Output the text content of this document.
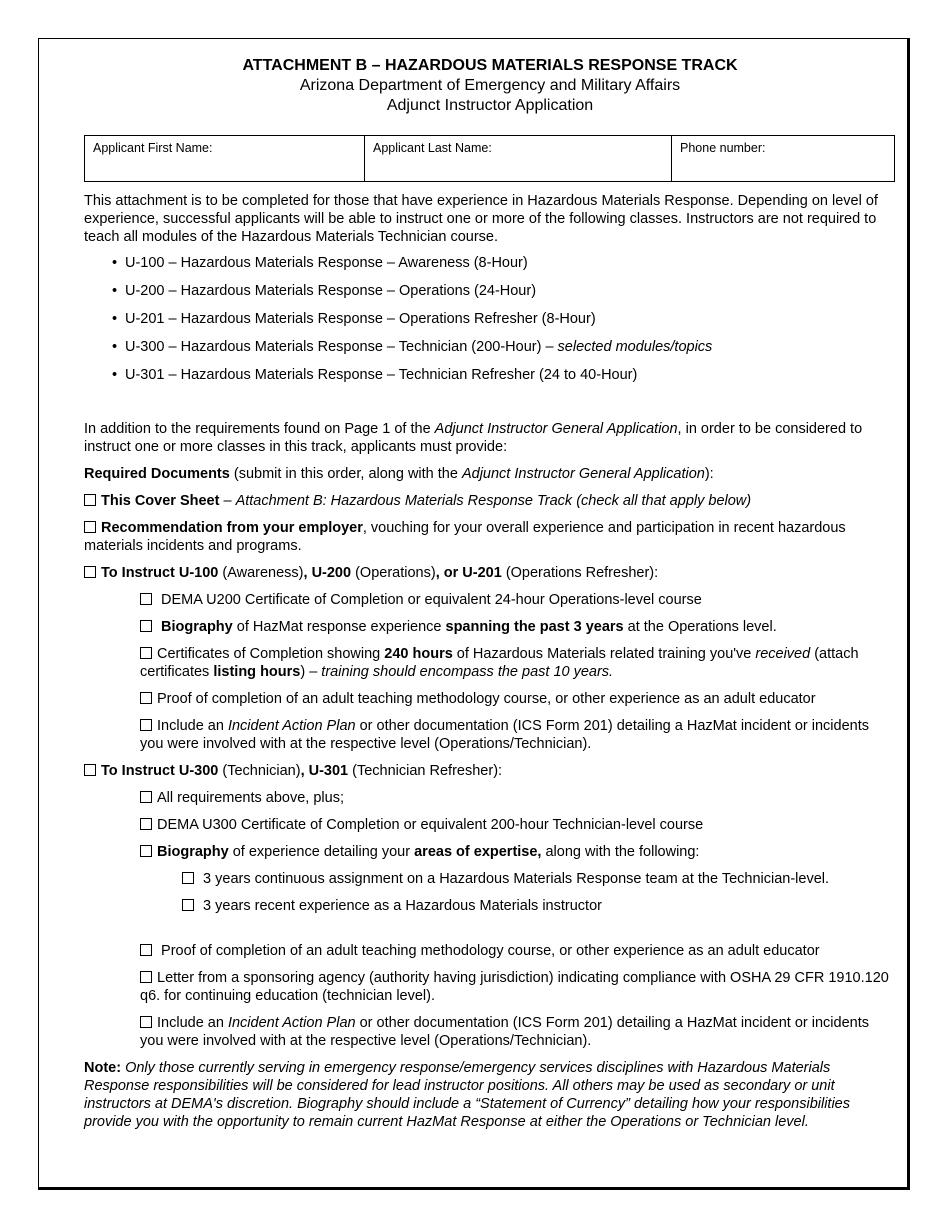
ATTACHMENT B – HAZARDOUS MATERIALS RESPONSE TRACK
Arizona Department of Emergency and Military Affairs
Adjunct Instructor Application
Applicant First Name:	Applicant Last Name:	Phone number:

This attachment is to be completed for those that have experience in Hazardous Materials Response. Depending on level of experience, successful applicants will be able to instruct one or more of the following classes. Instructors are not required to teach all modules of the Hazardous Materials Technician course.

• U-100 – Hazardous Materials Response – Awareness (8-Hour)
• U-200 – Hazardous Materials Response – Operations (24-Hour)
• U-201 – Hazardous Materials Response – Operations Refresher (8-Hour)
• U-300 – Hazardous Materials Response – Technician (200-Hour) – selected modules/topics
• U-301 – Hazardous Materials Response – Technician Refresher (24 to 40-Hour)

In addition to the requirements found on Page 1 of the Adjunct Instructor General Application, in order to be considered to instruct one or more classes in this track, applicants must provide:

Required Documents (submit in this order, along with the Adjunct Instructor General Application):

This Cover Sheet – Attachment B: Hazardous Materials Response Track (check all that apply below)

Recommendation from your employer, vouching for your overall experience and participation in recent hazardous materials incidents and programs.

To Instruct U-100 (Awareness), U-200 (Operations), or U-201 (Operations Refresher):

DEMA U200 Certificate of Completion or equivalent 24-hour Operations-level course

Biography of HazMat response experience spanning the past 3 years at the Operations level.

Certificates of Completion showing 240 hours of Hazardous Materials related training you've received (attach certificates listing hours) – training should encompass the past 10 years.

Proof of completion of an adult teaching methodology course, or other experience as an adult educator

Include an Incident Action Plan or other documentation (ICS Form 201) detailing a HazMat incident or incidents you were involved with at the respective level (Operations/Technician).

To Instruct U-300 (Technician), U-301 (Technician Refresher):

All requirements above, plus;

DEMA U300 Certificate of Completion or equivalent 200-hour Technician-level course

Biography of experience detailing your areas of expertise, along with the following:

3 years continuous assignment on a Hazardous Materials Response team at the Technician-level.

3 years recent experience as a Hazardous Materials instructor

Proof of completion of an adult teaching methodology course, or other experience as an adult educator

Letter from a sponsoring agency (authority having jurisdiction) indicating compliance with OSHA 29 CFR 1910.120 q6. for continuing education (technician level).

Include an Incident Action Plan or other documentation (ICS Form 201) detailing a HazMat incident or incidents you were involved with at the respective level (Operations/Technician).

Note: Only those currently serving in emergency response/emergency services disciplines with Hazardous Materials Response responsibilities will be considered for lead instructor positions. All others may be used as secondary or unit instructors at DEMA's discretion. Biography should include a “Statement of Currency” detailing how your responsibilities provide you with the opportunity to remain current HazMat Response at either the Operations or Technician level.
